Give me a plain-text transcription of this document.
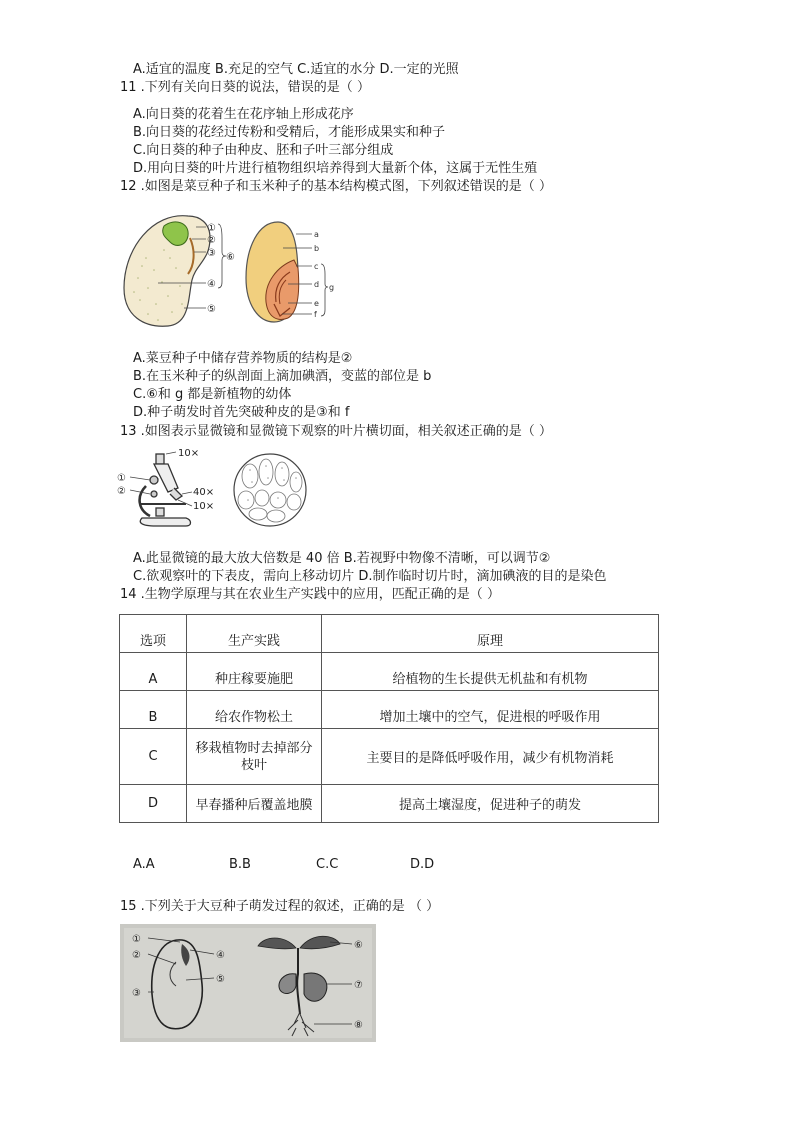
A.适宜的温度 B.充足的空气 C.适宜的水分 D.一定的光照
11 .下列有关向日葵的说法，错误的是（ ）
A.向日葵的花着生在花序轴上形成花序
B.向日葵的花经过传粉和受精后，才能形成果实和种子
C.向日葵的种子由种皮、胚和子叶三部分组成
D.用向日葵的叶片进行植物组织培养得到大量新个体，这属于无性生殖
12 .如图是菜豆种子和玉米种子的基本结构模式图，下列叙述错误的是（ ）
①
②
③
④
⑤
⑥
a
b
c
d
e
f
g
A.菜豆种子中储存营养物质的结构是②
B.在玉米种子的纵剖面上滴加碘酒，变蓝的部位是 b
C.⑥和 g 都是新植物的幼体
D.种子萌发时首先突破种皮的是③和 f
13 .如图表示显微镜和显微镜下观察的叶片横切面，相关叙述正确的是（ ）
10×
40×
10×
①
②
A.此显微镜的最大放大倍数是 40 倍 B.若视野中物像不清晰，可以调节②
C.欲观察叶的下表皮，需向上移动切片 D.制作临时切片时，滴加碘液的目的是染色
14 .生物学原理与其在农业生产实践中的应用，匹配正确的是（ ）
选项	生产实践	原理
A	种庄稼要施肥	给植物的生长提供无机盐和有机物
B	给农作物松土	增加土壤中的空气，促进根的呼吸作用
C	移栽植物时去掉部分枝叶	主要目的是降低呼吸作用，减少有机物消耗
D	早春播种后覆盖地膜	提高土壤湿度，促进种子的萌发
A.A	B.B	C.C	D.D
15 .下列关于大豆种子萌发过程的叙述，正确的是 （ ）
①
②
③
④
⑤
⑥
⑦
⑧
